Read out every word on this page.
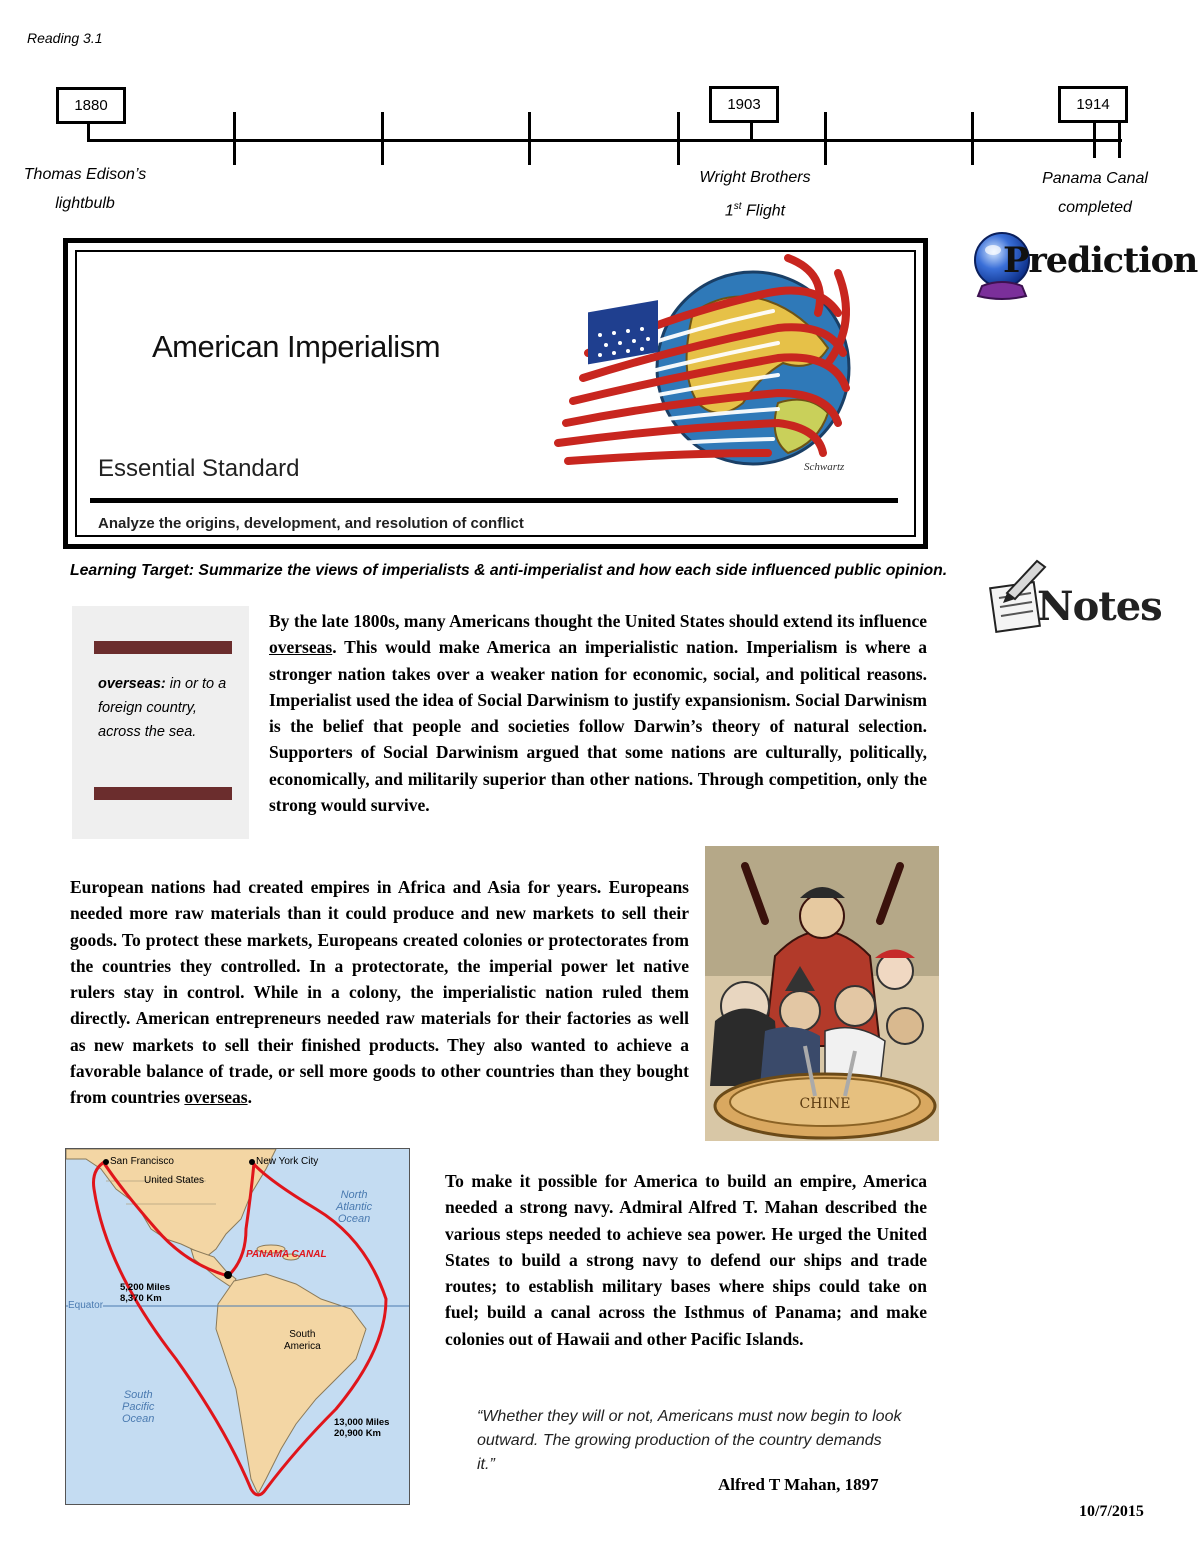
Reading 3.1
1880	1903	1914
Thomas Edison’s
lightbulb
Wright Brothers
1st Flight
Panama Canal
completed
Prediction
American Imperialism
Essential Standard
Analyze the origins, development, and resolution of conflict
Schwartz
Learning Target: Summarize the views of imperialists & anti-imperialist and how each side influenced public opinion.
Notes
overseas: in or to a foreign country, across the sea.
By the late 1800s, many Americans thought the United States should extend its influence overseas. This would make America an imperialistic nation. Imperialism is where a stronger nation takes over a weaker nation for economic, social, and political reasons. Imperialist used the idea of Social Darwinism to justify expansionism. Social Darwinism is the belief that people and societies follow Darwin’s theory of natural selection. Supporters of Social Darwinism argued that some nations are culturally, politically, economically, and militarily superior than other nations. Through competition, only the strong would survive.
CHINE
European nations had created empires in Africa and Asia for years. Europeans needed more raw materials than it could produce and new markets to sell their goods. To protect these markets, Europeans created colonies or protectorates from the countries they controlled. In a protectorate, the imperial power let native rulers stay in control. While in a colony, the imperialistic nation ruled them directly. American entrepreneurs needed raw materials for their factories as well as new markets to sell their finished products. They also wanted to achieve a favorable balance of trade, or sell more goods to other countries than they bought from countries overseas.
San Francisco	New York City
United States
North
Atlantic
Ocean
PANAMA CANAL
5,200 Miles
8,370 Km
Equator
South
America
South
Pacific
Ocean	13,000 Miles
20,900 Km
To make it possible for America to build an empire, America needed a strong navy. Admiral Alfred T. Mahan described the various steps needed to achieve sea power. He urged the United States to build a strong navy to defend our ships and trade routes; to establish military bases where ships could take on fuel; build a canal across the Isthmus of Panama; and make colonies out of Hawaii and other Pacific Islands.
“Whether they will or not, Americans must now begin to look outward. The growing production of the country demands it.”
Alfred T Mahan, 1897
10/7/2015
